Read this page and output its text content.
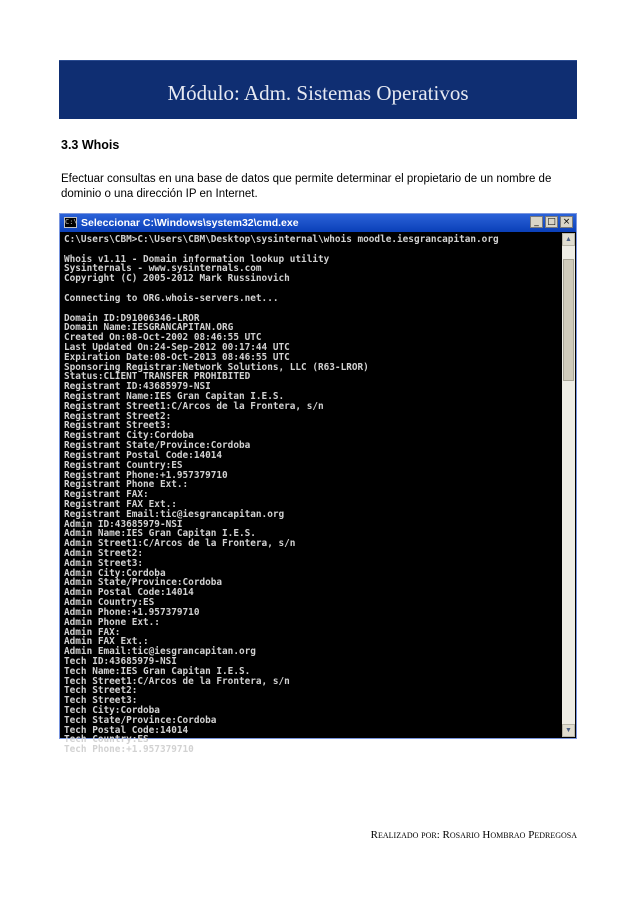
Módulo: Adm. Sistemas Operativos
3.3 Whois
Efectuar consultas en una base de datos que permite determinar el propietario de un nombre de dominio o una dirección IP en Internet.
C:\ Seleccionar C:\Windows\system32\cmd.exe	_ □ ×
C:\Users\CBM>C:\Users\CBM\Desktop\sysinternal\whois moodle.iesgrancapitan.org
Whois v1.11 - Domain information lookup utility
Sysinternals - www.sysinternals.com
Copyright (C) 2005-2012 Mark Russinovich
Connecting to ORG.whois-servers.net...
Domain ID:D91006346-LROR
Domain Name:IESGRANCAPITAN.ORG
Created On:08-Oct-2002 08:46:55 UTC
Last Updated On:24-Sep-2012 00:17:44 UTC
Expiration Date:08-Oct-2013 08:46:55 UTC
Sponsoring Registrar:Network Solutions, LLC (R63-LROR)
Status:CLIENT TRANSFER PROHIBITED
Registrant ID:43685979-NSI
Registrant Name:IES Gran Capitan I.E.S.
Registrant Street1:C/Arcos de la Frontera, s/n
Registrant Street2:
Registrant Street3:
Registrant City:Cordoba
Registrant State/Province:Cordoba
Registrant Postal Code:14014
Registrant Country:ES
Registrant Phone:+1.957379710
Registrant Phone Ext.:
Registrant FAX:
Registrant FAX Ext.:
Registrant Email:tic@iesgrancapitan.org
Admin ID:43685979-NSI
Admin Name:IES Gran Capitan I.E.S.
Admin Street1:C/Arcos de la Frontera, s/n
Admin Street2:
Admin Street3:
Admin City:Cordoba
Admin State/Province:Cordoba
Admin Postal Code:14014
Admin Country:ES
Admin Phone:+1.957379710
Admin Phone Ext.:
Admin FAX:
Admin FAX Ext.:
Admin Email:tic@iesgrancapitan.org
Tech ID:43685979-NSI
Tech Name:IES Gran Capitan I.E.S.
Tech Street1:C/Arcos de la Frontera, s/n
Tech Street2:
Tech Street3:
Tech City:Cordoba
Tech State/Province:Cordoba
Tech Postal Code:14014
Tech Country:ES
Tech Phone:+1.957379710
▲
▼
Realizado por: Rosario Hombrao Pedregosa
